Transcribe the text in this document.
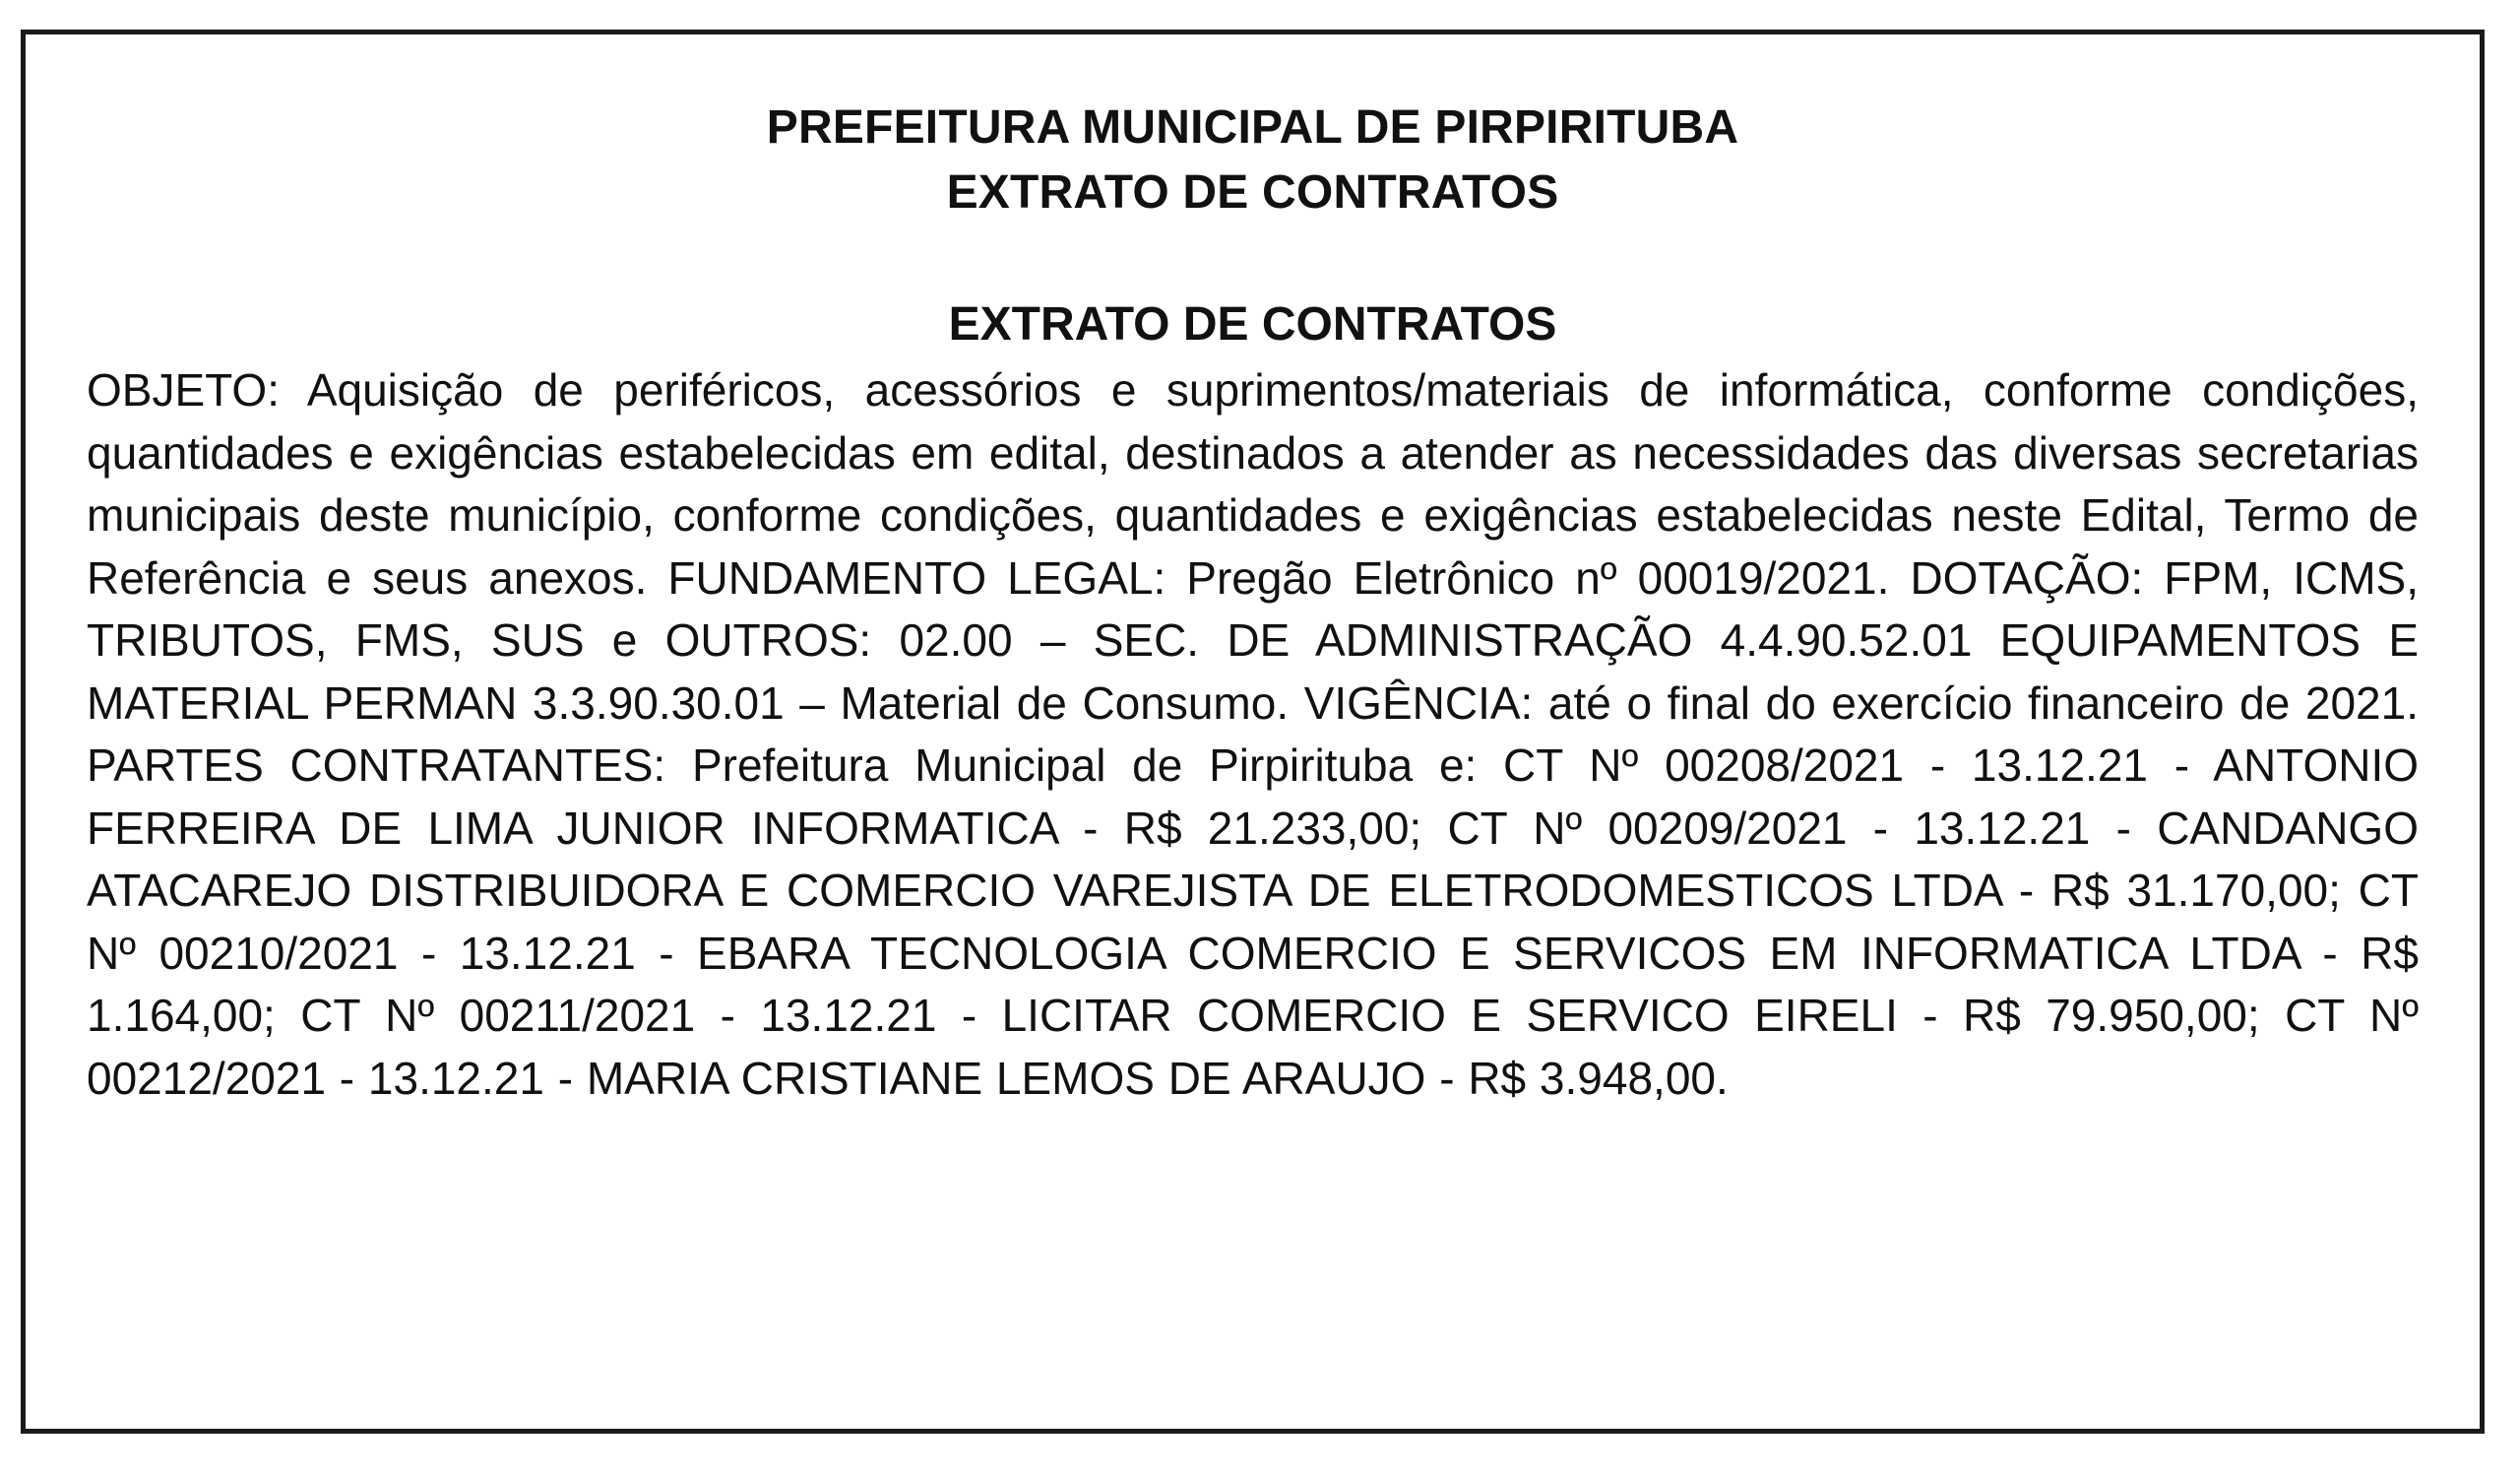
PREFEITURA MUNICIPAL DE PIRPIRITUBA
EXTRATO DE CONTRATOS
EXTRATO DE CONTRATOS
OBJETO: Aquisição de periféricos, acessórios e suprimentos/materiais de informática, conforme condições, quantidades e exigências estabelecidas em edital, destinados a atender as necessidades das diversas secretarias municipais deste município, conforme condições, quantidades e exigências estabelecidas neste Edital, Termo de Referência e seus anexos. FUNDAMENTO LEGAL: Pregão Eletrônico nº 00019/2021. DOTAÇÃO: FPM, ICMS, TRIBUTOS, FMS, SUS e OUTROS: 02.00 – SEC. DE ADMINISTRAÇÃO 4.4.90.52.01 EQUIPAMENTOS E MATERIAL PERMAN 3.3.90.30.01 – Material de Consumo. VIGÊNCIA: até o final do exercício financeiro de 2021. PARTES CONTRATANTES: Prefeitura Municipal de Pirpirituba e: CT Nº 00208/2021 - 13.12.21 - ANTONIO FERREIRA DE LIMA JUNIOR INFORMATICA - R$ 21.233,00; CT Nº 00209/2021 - 13.12.21 - CANDANGO ATACAREJO DISTRIBUIDORA E COMERCIO VAREJISTA DE ELETRODOMESTICOS LTDA - R$ 31.170,00; CT Nº 00210/2021 - 13.12.21 - EBARA TECNOLOGIA COMERCIO E SERVICOS EM INFORMATICA LTDA - R$ 1.164,00; CT Nº 00211/2021 - 13.12.21 - LICITAR COMERCIO E SERVICO EIRELI - R$ 79.950,00; CT Nº 00212/2021 - 13.12.21 - MARIA CRISTIANE LEMOS DE ARAUJO - R$ 3.948,00.
